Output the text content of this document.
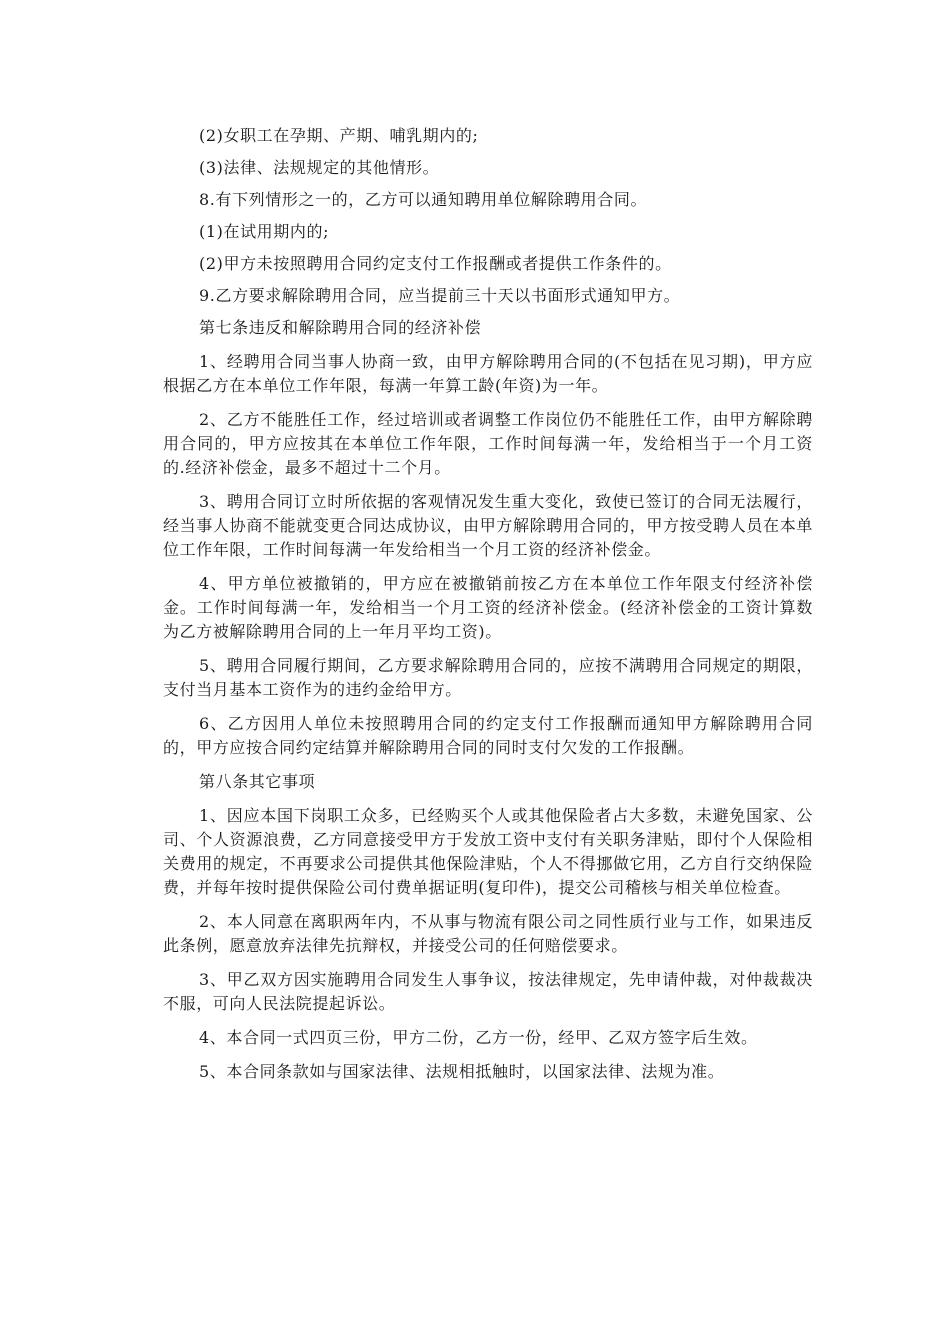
(2)女职工在孕期、产期、哺乳期内的;

(3)法律、法规规定的其他情形。

8.有下列情形之一的，乙方可以通知聘用单位解除聘用合同。

(1)在试用期内的;

(2)甲方未按照聘用合同约定支付工作报酬或者提供工作条件的。

9.乙方要求解除聘用合同，应当提前三十天以书面形式通知甲方。

第七条违反和解除聘用合同的经济补偿

1、经聘用合同当事人协商一致，由甲方解除聘用合同的(不包括在见习期)，甲方应根据乙方在本单位工作年限，每满一年算工龄(年资)为一年。

2、乙方不能胜任工作，经过培训或者调整工作岗位仍不能胜任工作，由甲方解除聘用合同的，甲方应按其在本单位工作年限，工作时间每满一年，发给相当于一个月工资的.经济补偿金，最多不超过十二个月。

3、聘用合同订立时所依据的客观情况发生重大变化，致使已签订的合同无法履行，经当事人协商不能就变更合同达成协议，由甲方解除聘用合同的，甲方按受聘人员在本单位工作年限，工作时间每满一年发给相当一个月工资的经济补偿金。

4、甲方单位被撤销的，甲方应在被撤销前按乙方在本单位工作年限支付经济补偿金。工作时间每满一年，发给相当一个月工资的经济补偿金。(经济补偿金的工资计算数为乙方被解除聘用合同的上一年月平均工资)。

5、聘用合同履行期间，乙方要求解除聘用合同的，应按不满聘用合同规定的期限，支付当月基本工资作为的违约金给甲方。

6、乙方因用人单位未按照聘用合同的约定支付工作报酬而通知甲方解除聘用合同的，甲方应按合同约定结算并解除聘用合同的同时支付欠发的工作报酬。

第八条其它事项

1、因应本国下岗职工众多，已经购买个人或其他保险者占大多数，未避免国家、公司、个人资源浪费，乙方同意接受甲方于发放工资中支付有关职务津贴，即付个人保险相关费用的规定，不再要求公司提供其他保险津贴，个人不得挪做它用，乙方自行交纳保险费，并每年按时提供保险公司付费单据证明(复印件)，提交公司稽核与相关单位检查。

2、本人同意在离职两年内，不从事与物流有限公司之同性质行业与工作，如果违反此条例，愿意放弃法律先抗辩权，并接受公司的任何赔偿要求。

3、甲乙双方因实施聘用合同发生人事争议，按法律规定，先申请仲裁，对仲裁裁决不服，可向人民法院提起诉讼。

4、本合同一式四页三份，甲方二份，乙方一份，经甲、乙双方签字后生效。

5、本合同条款如与国家法律、法规相抵触时，以国家法律、法规为准。
